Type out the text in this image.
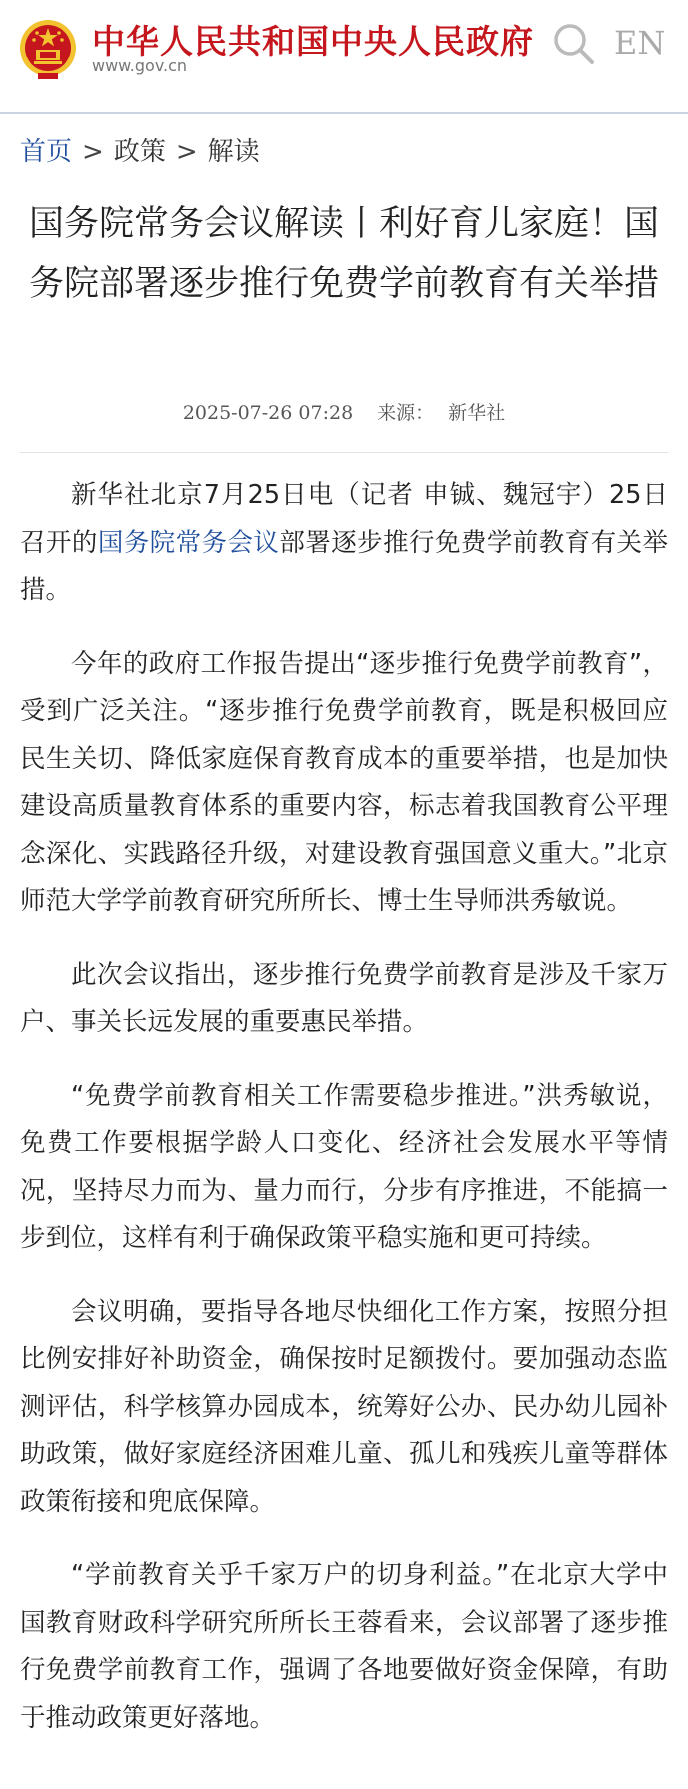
中华人民共和国中央人民政府
www.gov.cn
EN
首页 > 政策 > 解读
国务院常务会议解读丨利好育儿家庭！国务院部署逐步推行免费学前教育有关举措
2025-07-26 07:28 来源： 新华社

新华社北京7月25日电（记者 申铖、魏冠宇）25日召开的国务院常务会议部署逐步推行免费学前教育有关举措。

今年的政府工作报告提出“逐步推行免费学前教育”，受到广泛关注。“逐步推行免费学前教育，既是积极回应民生关切、降低家庭保育教育成本的重要举措，也是加快建设高质量教育体系的重要内容，标志着我国教育公平理念深化、实践路径升级，对建设教育强国意义重大。”北京师范大学学前教育研究所所长、博士生导师洪秀敏说。

此次会议指出，逐步推行免费学前教育是涉及千家万户、事关长远发展的重要惠民举措。

“免费学前教育相关工作需要稳步推进。”洪秀敏说，免费工作要根据学龄人口变化、经济社会发展水平等情况，坚持尽力而为、量力而行，分步有序推进，不能搞一步到位，这样有利于确保政策平稳实施和更可持续。

会议明确，要指导各地尽快细化工作方案，按照分担比例安排好补助资金，确保按时足额拨付。要加强动态监测评估，科学核算办园成本，统筹好公办、民办幼儿园补助政策，做好家庭经济困难儿童、孤儿和残疾儿童等群体政策衔接和兜底保障。

“学前教育关乎千家万户的切身利益。”在北京大学中国教育财政科学研究所所长王蓉看来，会议部署了逐步推行免费学前教育工作，强调了各地要做好资金保障，有助于推动政策更好落地。
